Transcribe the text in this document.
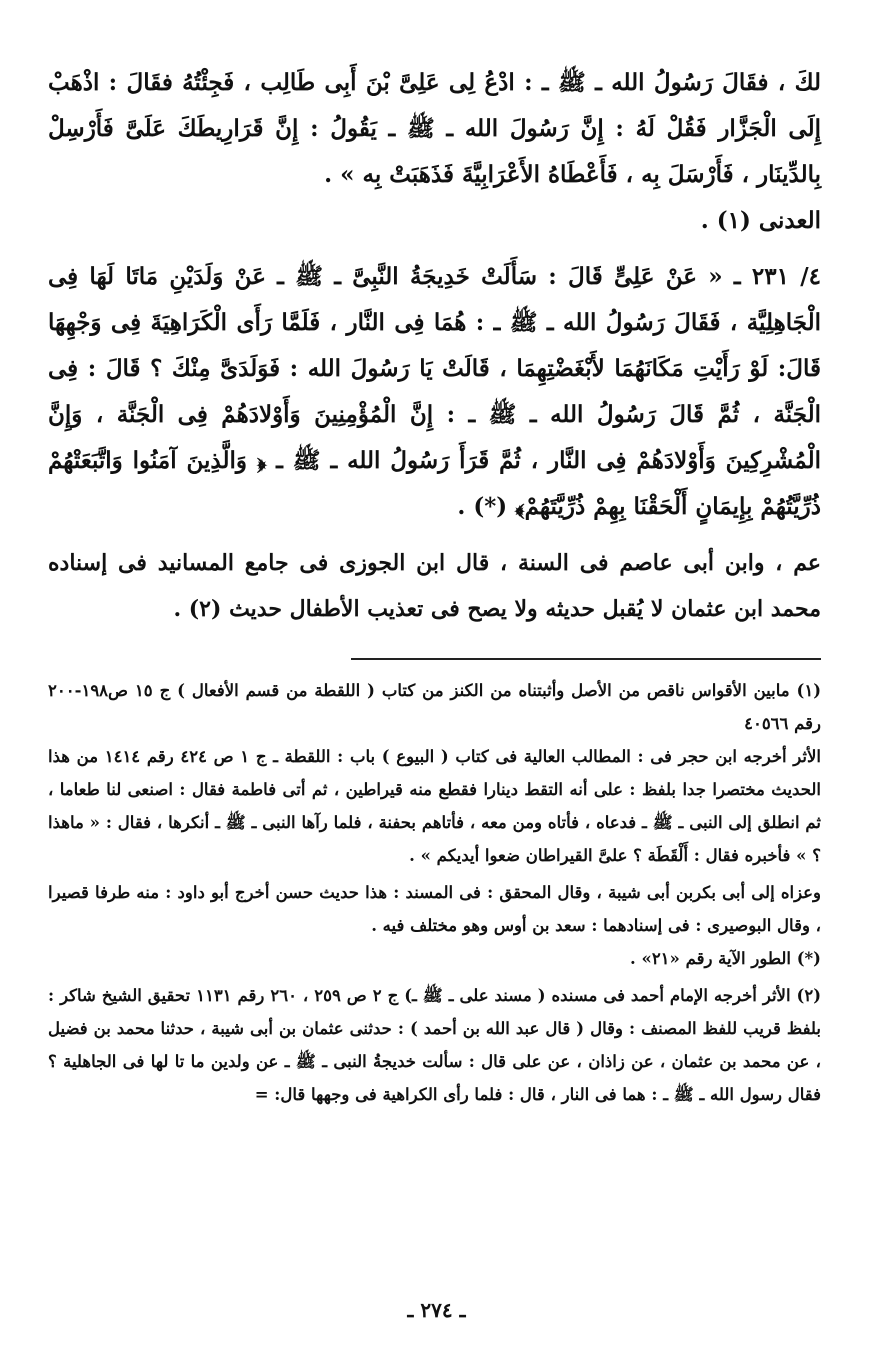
لكَ ، فقَالَ رَسُولُ الله ـ ﷺ ـ : ادْعُ لِى عَلِىَّ بْنَ أَبِى طَالِب ، فَجِئْتُهُ فقَالَ : اذْهَبْ إِلَى الْجَزَّار فَقُلْ لَهُ : إِنَّ رَسُولَ الله ـ ﷺ ـ يَقُولُ : إِنَّ قَرَارِيطَكَ عَلَىَّ فَأَرْسِلْ بِالدِّينَار ، فَأَرْسَلَ بِه ، فَأَعْطَاهُ الأَعْرَابِيَّةَ فَذَهَبَتْ بِه » .

العدنى (١) .

٤/ ٢٣١ ـ « عَنْ عَلِىٍّ قَالَ : سَأَلَتْ خَدِيجَةُ النَّبِىَّ ـ ﷺ ـ عَنْ وَلَدَيْنِ مَاتَا لَهَا فِى الْجَاهِلِيَّة ، فَقَالَ رَسُولُ الله ـ ﷺ ـ : هُمَا فِى النَّار ، فَلَمَّا رَأَى الْكَرَاهِيَةَ فِى وَجْهِهَا قَالَ: لَوْ رَأَيْتِ مَكَانَهُمَا لأَبْغَضْتِهِمَا ، قَالَتْ يَا رَسُولَ الله : فَوَلَدَىَّ مِنْكَ ؟ قَالَ : فِى الْجَنَّة ، ثُمَّ قَالَ رَسُولُ الله ـ ﷺ ـ : إِنَّ الْمُؤْمِنِينَ وَأَوْلادَهُمْ فِى الْجَنَّة ، وَإِنَّ الْمُشْرِكِينَ وَأَوْلادَهُمْ فِى النَّار ، ثُمَّ قَرَأَ رَسُولُ الله ـ ﷺ ـ ﴿ وَالَّذِينَ آمَنُوا وَاتَّبَعَتْهُمْ ذُرِّيَّتُهُمْ بِإِيمَانٍ أَلْحَقْنَا بِهِمْ ذُرِّيَّتَهُمْ﴾ (*) .

عم ، وابن أبى عاصم فى السنة ، قال ابن الجوزى فى جامع المسانيد فى إسناده محمد ابن عثمان لا يُقبل حديثه ولا يصح فى تعذيب الأطفال حديث (٢) .

(١) مابين الأقواس ناقص من الأصل وأثبتناه من الكنز من كتاب ( اللقطة من قسم الأفعال ) ج ١٥ ص١٩٨-٢٠٠ رقم ٤٠٥٦٦

الأثر أخرجه ابن حجر فى : المطالب العالية فى كتاب ( البيوع ) باب : اللقطة ـ ج ١ ص ٤٢٤ رقم ١٤١٤ من هذا الحديث مختصرا جدا بلفظ : على أنه التقط دينارا فقطع منه قيراطين ، ثم أتى فاطمة فقال : اصنعى لنا طعاما ، ثم انطلق إلى النبى ـ ﷺ ـ فدعاه ، فأتاه ومن معه ، فأتاهم بحفنة ، فلما رآها النبى ـ ﷺ ـ أنكرها ، فقال : « ماهذا ؟ » فأخبره فقال : أَلْقَطَة ؟ علىَّ القيراطان ضعوا أيديكم » .

وعزاه إلى أبى بكربن أبى شيبة ، وقال المحقق : فى المسند : هذا حديث حسن أخرج أبو داود : منه طرفا قصيرا ، وقال البوصيرى : فى إسنادهما : سعد بن أوس وهو مختلف فيه .

(*) الطور الآية رقم «٢١» .

(٢) الأثر أخرجه الإمام أحمد فى مسنده ( مسند على ـ ﷺ ـ) ج ٢ ص ٢٥٩ ، ٢٦٠ رقم ١١٣١ تحقيق الشيخ شاكر : بلفظ قريب للفظ المصنف : وقال ( قال عبد الله بن أحمد ) : حدثنى عثمان بن أبى شيبة ، حدثنا محمد بن فضيل ، عن محمد بن عثمان ، عن زاذان ، عن على قال : سألت خديجةُ النبى ـ ﷺ ـ عن ولدين ما تا لها فى الجاهلية ؟ فقال رسول الله ـ ﷺ ـ : هما فى النار ، قال : فلما رأى الكراهية فى وجهها قال: =

ـ ٢٧٤ ـ
